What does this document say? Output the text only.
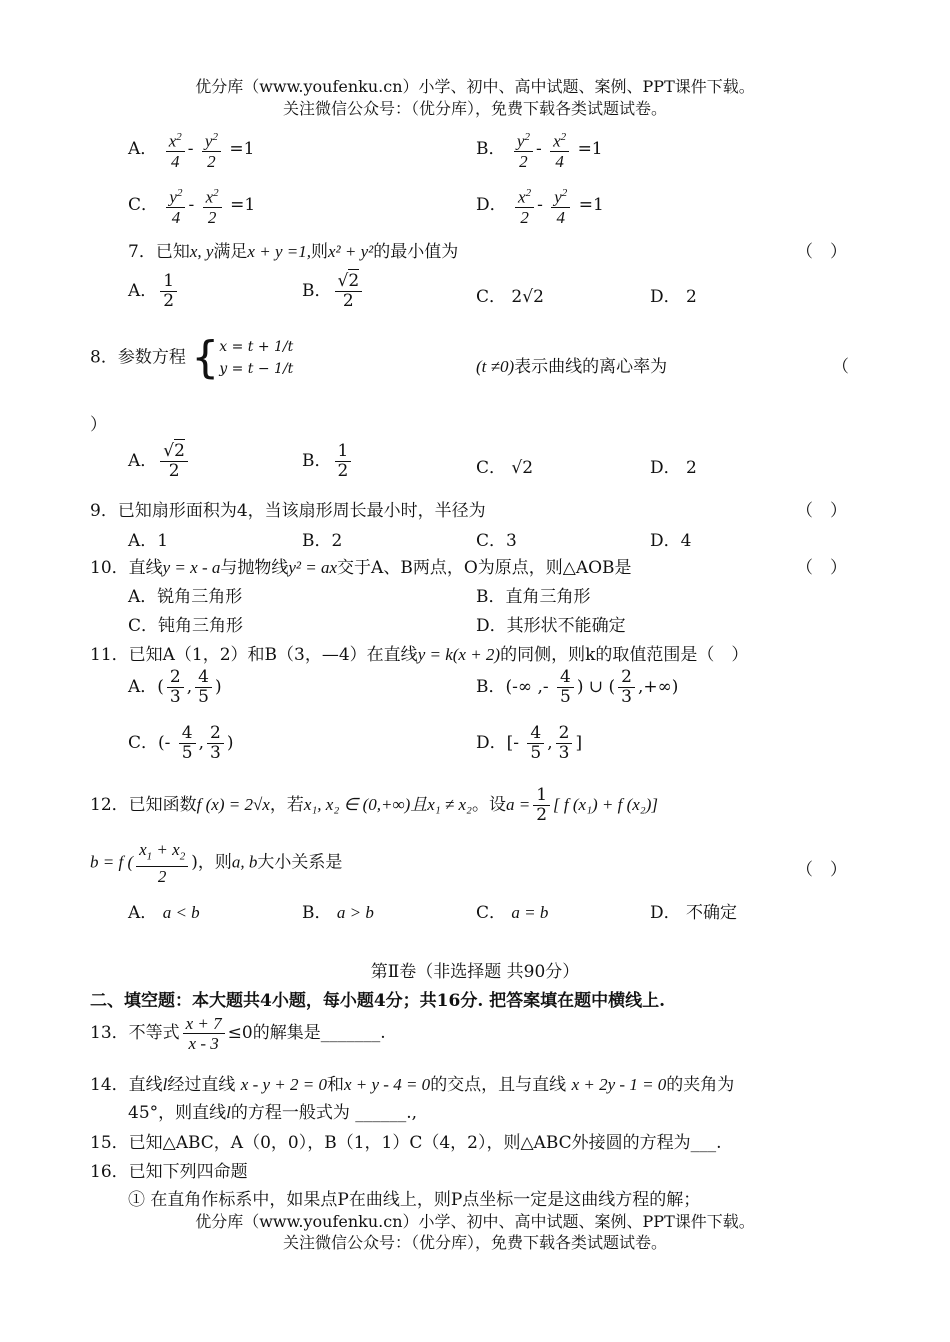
优分库（www.youfenku.cn）小学、初中、高中试题、案例、PPT课件下载。
关注微信公众号：（优分库），免费下载各类试题试卷。
A． $\frac{x^2}{4} - \frac{y^2}{2} =1$	B． $\frac{y^2}{2} - \frac{x^2}{4} =1$
C． $\frac{y^2}{4} - \frac{x^2}{2} =1$	D． $\frac{x^2}{2} - \frac{y^2}{4} =1$
7．已知x, y满足x + y =1,则x² + y²的最小值为	（　）
A． $\frac{1}{2}$	B． $\frac{√2}{2}$	C． 2√2	D． 2
8．参数方程 {x = t + 1/t
y = t − 1/t	(t ≠0)表示曲线的离心率为	（
）
A． $\frac{√2}{2}$	B． $\frac{1}{2}$	C． √2	D． 2
9．已知扇形面积为4，当该扇形周长最小时，半径为	（　）
A．1	B．2	C．3	D．4
10．直线y = x - a与抛物线y² = ax交于A、B两点，O为原点，则△AOB是	（　）
A．锐角三角形	B．直角三角形
C．钝角三角形	D．其形状不能确定
11．已知A（1，2）和B（3，—4）在直线y = k(x + 2)的同侧，则k的取值范围是（　）
A．( $\frac{2}{3}$ , $\frac{4}{5}$ )	B．(-∞ ,- $\frac{4}{5}$ ) ∪ ( $\frac{2}{3}$ ,+∞)
C．(- $\frac{4}{5}$ , $\frac{2}{3}$ )	D．[- $\frac{4}{5}$ , $\frac{2}{3}$ ]
12．已知函数f (x) = 2√x，若x₁, x₂ ∈ (0,+∞)且x₁ ≠ x₂。设$a = \frac{1}{2}$ [ f (x₁) + f (x₂)]
b = f ( $\frac{x_1 + x_2}{2}$ )，则a, b大小关系是	（　）
A． a < b	B． a > b	C． a = b	D． 不确定
第Ⅱ卷（非选择题 共90分）
二、填空题：本大题共4小题，每小题4分；共16分. 把答案填在题中横线上.
13．不等式 $\frac{x + 7}{x - 3} \le 0$的解集是_______.
14．直线l经过直线 x - y + 2 = 0和x + y - 4 = 0的交点，且与直线 x + 2y - 1 = 0的夹角为
45°，则直线l的方程一般式为 ______.,
15．已知△ABC，A（0，0），B（1，1）C（4，2），则△ABC外接圆的方程为___.
16．已知下列四命题
① 在直角作标系中，如果点P在曲线上，则P点坐标一定是这曲线方程的解；
优分库（www.youfenku.cn）小学、初中、高中试题、案例、PPT课件下载。
关注微信公众号：（优分库），免费下载各类试题试卷。
